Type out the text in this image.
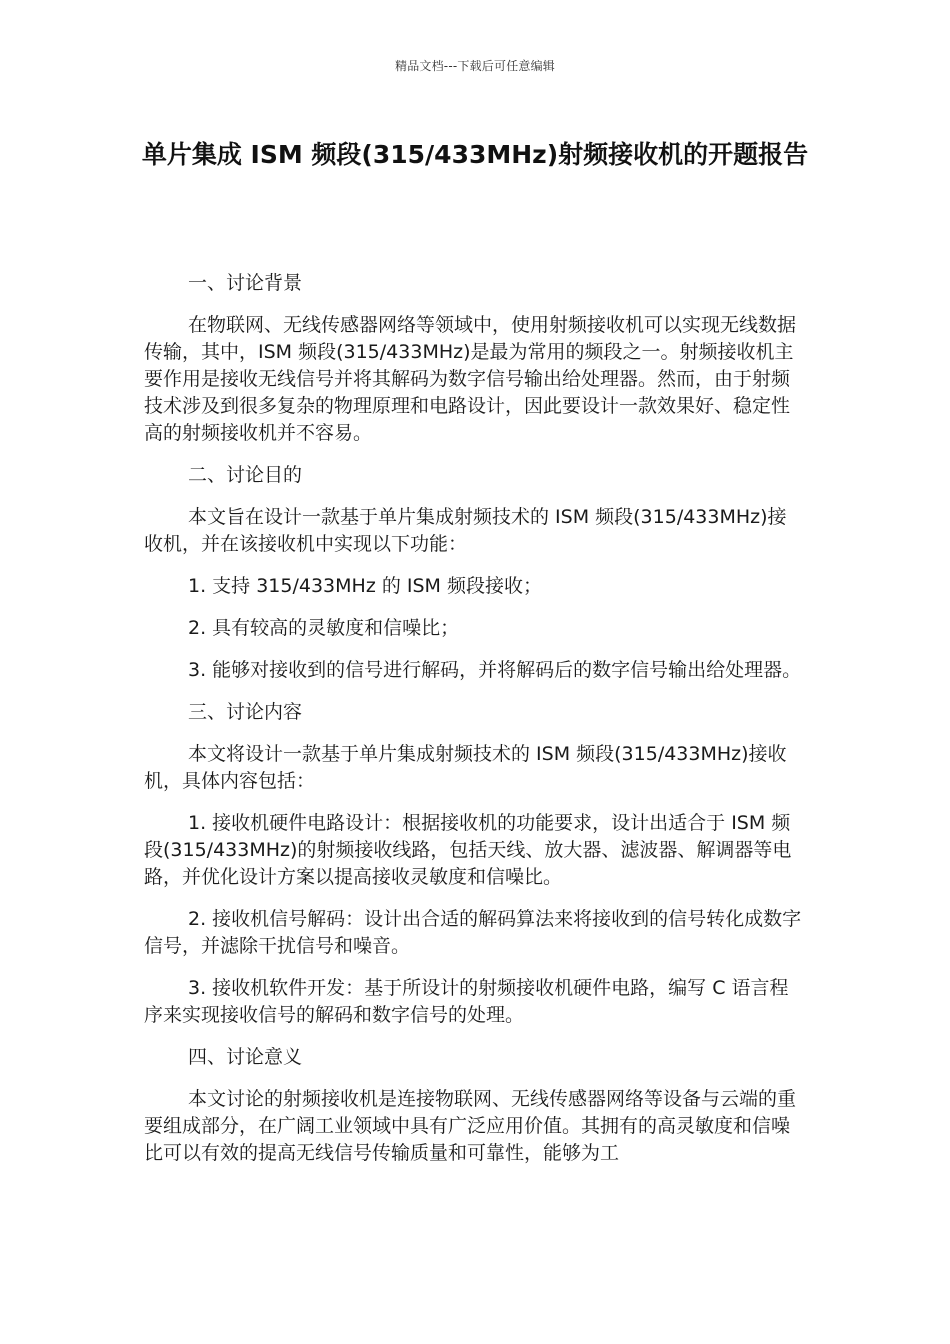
精品文档---下载后可任意编辑
单片集成 ISM 频段(315/433MHz)射频接收机的开题报告

一、讨论背景

在物联网、无线传感器网络等领域中，使用射频接收机可以实现无线数据传输，其中，ISM 频段(315/433MHz)是最为常用的频段之一。射频接收机主要作用是接收无线信号并将其解码为数字信号输出给处理器。然而，由于射频技术涉及到很多复杂的物理原理和电路设计，因此要设计一款效果好、稳定性高的射频接收机并不容易。

二、讨论目的

本文旨在设计一款基于单片集成射频技术的 ISM 频段(315/433MHz)接收机，并在该接收机中实现以下功能：

1. 支持 315/433MHz 的 ISM 频段接收；

2. 具有较高的灵敏度和信噪比；

3. 能够对接收到的信号进行解码，并将解码后的数字信号输出给处理器。

三、讨论内容

本文将设计一款基于单片集成射频技术的 ISM 频段(315/433MHz)接收机，具体内容包括：

1. 接收机硬件电路设计：根据接收机的功能要求，设计出适合于 ISM 频段(315/433MHz)的射频接收线路，包括天线、放大器、滤波器、解调器等电路，并优化设计方案以提高接收灵敏度和信噪比。

2. 接收机信号解码：设计出合适的解码算法来将接收到的信号转化成数字信号，并滤除干扰信号和噪音。

3. 接收机软件开发：基于所设计的射频接收机硬件电路，编写 C 语言程序来实现接收信号的解码和数字信号的处理。

四、讨论意义

本文讨论的射频接收机是连接物联网、无线传感器网络等设备与云端的重要组成部分，在广阔工业领域中具有广泛应用价值。其拥有的高灵敏度和信噪比可以有效的提高无线信号传输质量和可靠性，能够为工
